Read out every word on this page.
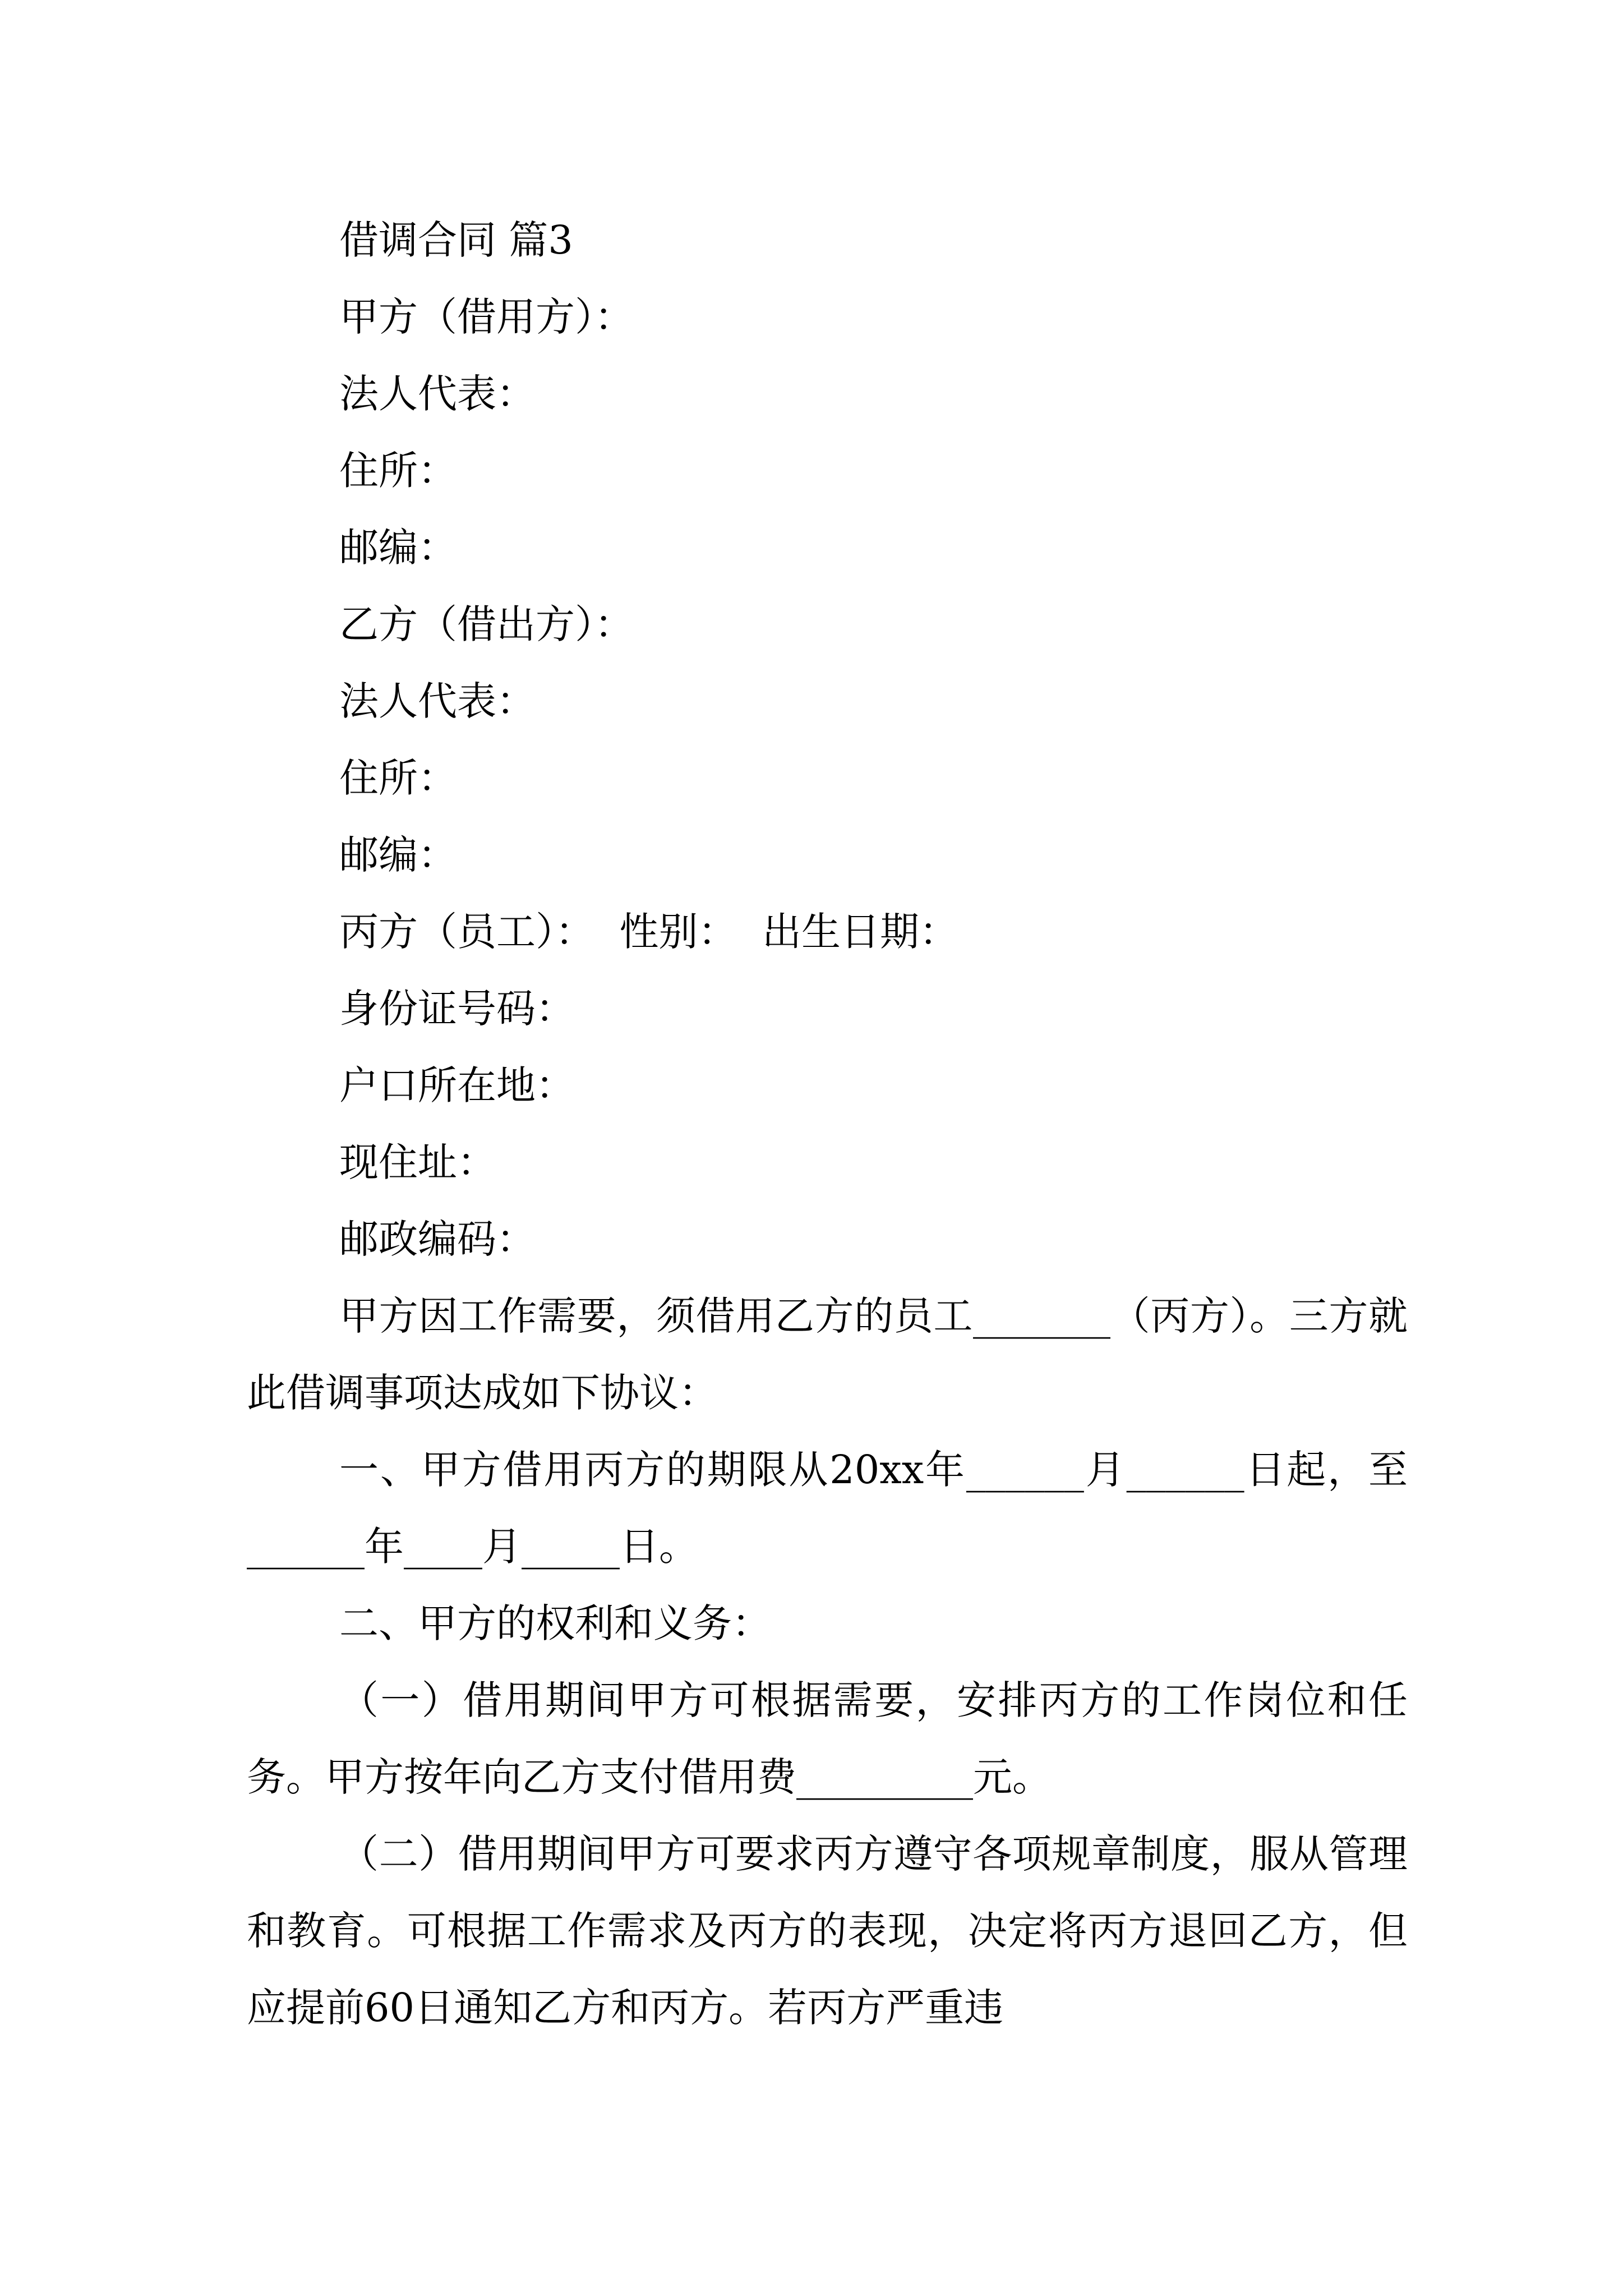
借调合同 篇3
甲方（借用方）：
法人代表：
住所：
邮编：
乙方（借出方）：
法人代表：
住所：
邮编：
丙方（员工）：  性别：  出生日期：
身份证号码：
户口所在地：
现住址：
邮政编码：
甲方因工作需要，须借用乙方的员工_______（丙方）。三方就此借调事项达成如下协议：
一、甲方借用丙方的期限从20xx年______月______日起，至______年____月_____日。
二、甲方的权利和义务：
（一）借用期间甲方可根据需要，安排丙方的工作岗位和任务。甲方按年向乙方支付借用费_________元。
（二）借用期间甲方可要求丙方遵守各项规章制度，服从管理和教育。可根据工作需求及丙方的表现，决定将丙方退回乙方，但应提前60日通知乙方和丙方。若丙方严重违
